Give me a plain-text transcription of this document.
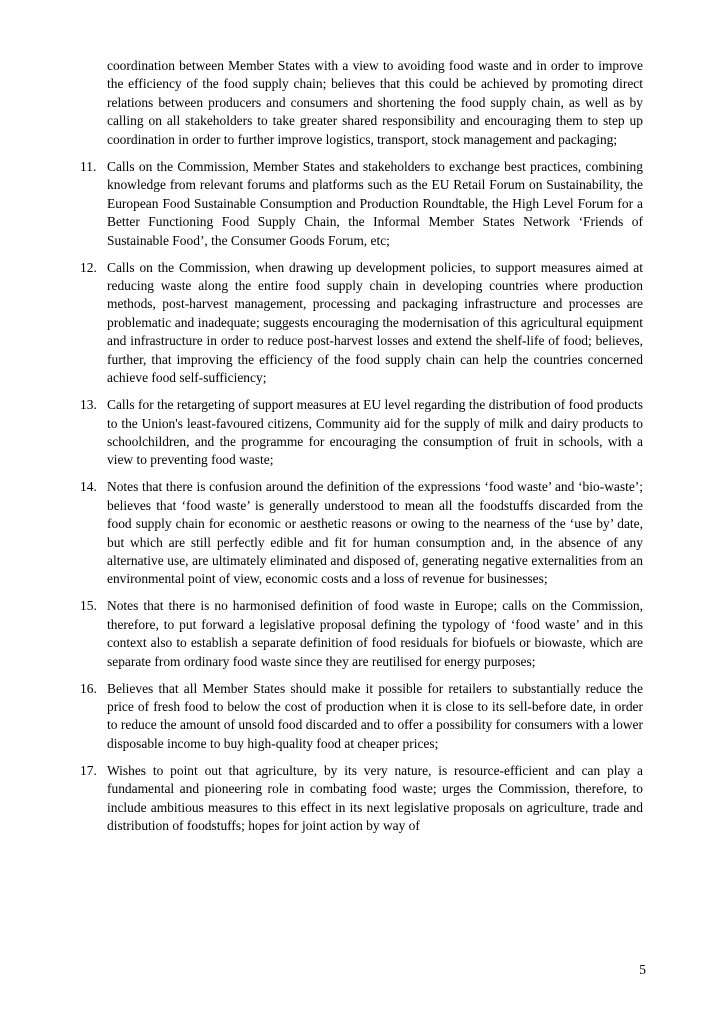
coordination between Member States with a view to avoiding food waste and in order to improve the efficiency of the food supply chain; believes that this could be achieved by promoting direct relations between producers and consumers and shortening the food supply chain, as well as by calling on all stakeholders to take greater shared responsibility and encouraging them to step up coordination in order to further improve logistics, transport, stock management and packaging;

11. Calls on the Commission, Member States and stakeholders to exchange best practices, combining knowledge from relevant forums and platforms such as the EU Retail Forum on Sustainability, the European Food Sustainable Consumption and Production Roundtable, the High Level Forum for a Better Functioning Food Supply Chain, the Informal Member States Network ‘Friends of Sustainable Food’, the Consumer Goods Forum, etc;

12. Calls on the Commission, when drawing up development policies, to support measures aimed at reducing waste along the entire food supply chain in developing countries where production methods, post-harvest management, processing and packaging infrastructure and processes are problematic and inadequate; suggests encouraging the modernisation of this agricultural equipment and infrastructure in order to reduce post-harvest losses and extend the shelf-life of food; believes, further, that improving the efficiency of the food supply chain can help the countries concerned achieve food self-sufficiency;

13. Calls for the retargeting of support measures at EU level regarding the distribution of food products to the Union's least-favoured citizens, Community aid for the supply of milk and dairy products to schoolchildren, and the programme for encouraging the consumption of fruit in schools, with a view to preventing food waste;

14. Notes that there is confusion around the definition of the expressions ‘food waste’ and ‘bio-waste’; believes that ‘food waste’ is generally understood to mean all the foodstuffs discarded from the food supply chain for economic or aesthetic reasons or owing to the nearness of the ‘use by’ date, but which are still perfectly edible and fit for human consumption and, in the absence of any alternative use, are ultimately eliminated and disposed of, generating negative externalities from an environmental point of view, economic costs and a loss of revenue for businesses;

15. Notes that there is no harmonised definition of food waste in Europe; calls on the Commission, therefore, to put forward a legislative proposal defining the typology of ‘food waste’ and in this context also to establish a separate definition of food residuals for biofuels or biowaste, which are separate from ordinary food waste since they are reutilised for energy purposes;

16. Believes that all Member States should make it possible for retailers to substantially reduce the price of fresh food to below the cost of production when it is close to its sell-before date, in order to reduce the amount of unsold food discarded and to offer a possibility for consumers with a lower disposable income to buy high-quality food at cheaper prices;

17. Wishes to point out that agriculture, by its very nature, is resource-efficient and can play a fundamental and pioneering role in combating food waste; urges the Commission, therefore, to include ambitious measures to this effect in its next legislative proposals on agriculture, trade and distribution of foodstuffs; hopes for joint action by way of

5
